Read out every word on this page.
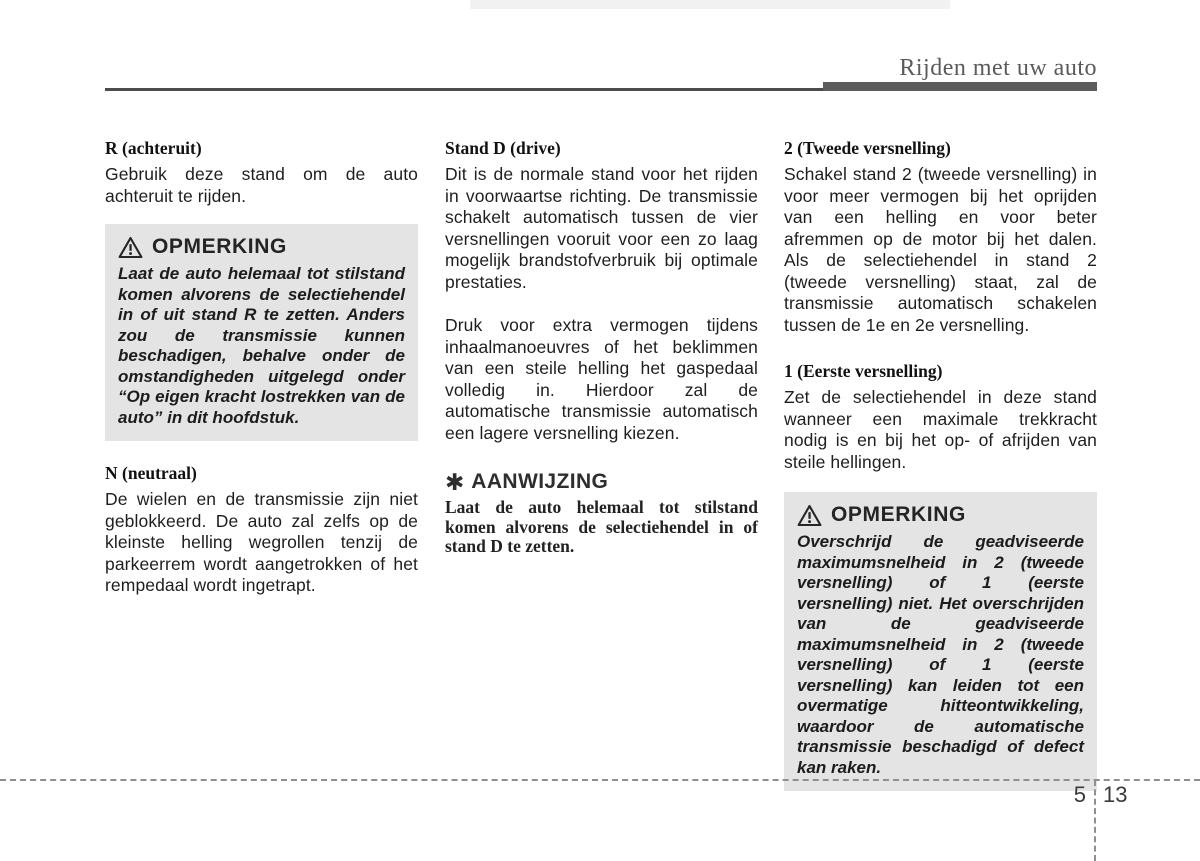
Rijden met uw auto
R (achteruit)

Gebruik deze stand om de auto achteruit te rijden.

OPMERKING
Laat de auto helemaal tot stilstand komen alvorens de selectiehendel in of uit stand R te zetten. Anders zou de transmissie kunnen beschadigen, behalve onder de omstandigheden uitgelegd onder “Op eigen kracht lostrekken van de auto” in dit hoofdstuk.
N (neutraal)

De wielen en de transmissie zijn niet geblokkeerd. De auto zal zelfs op de kleinste helling wegrollen tenzij de parkeerrem wordt aangetrokken of het rempedaal wordt ingetrapt.

Stand D (drive)

Dit is de normale stand voor het rijden in voorwaartse richting. De transmissie schakelt automatisch tussen de vier versnellingen vooruit voor een zo laag mogelijk brandstofverbruik bij optimale prestaties.

Druk voor extra vermogen tijdens inhaalmanoeuvres of het beklimmen van een steile helling het gaspedaal volledig in. Hierdoor zal de automatische transmissie automatisch een lagere versnelling kiezen.

✱ AANWIJZING
Laat de auto helemaal tot stilstand komen alvorens de selectiehendel in of stand D te zetten.
2 (Tweede versnelling)

Schakel stand 2 (tweede versnelling) in voor meer vermogen bij het oprijden van een helling en voor beter afremmen op de motor bij het dalen. Als de selectiehendel in stand 2 (tweede versnelling) staat, zal de transmissie automatisch schakelen tussen de 1e en 2e versnelling.

1 (Eerste versnelling)

Zet de selectiehendel in deze stand wanneer een maximale trekkracht nodig is en bij het op- of afrijden van steile hellingen.

OPMERKING
Overschrijd de geadviseerde maximumsnelheid in 2 (tweede versnelling) of 1 (eerste versnelling) niet. Het overschrijden van de geadviseerde maximumsnelheid in 2 (tweede versnelling) of 1 (eerste versnelling) kan leiden tot een overmatige hitteontwikkeling, waardoor de automatische transmissie beschadigd of defect kan raken.
5 13
